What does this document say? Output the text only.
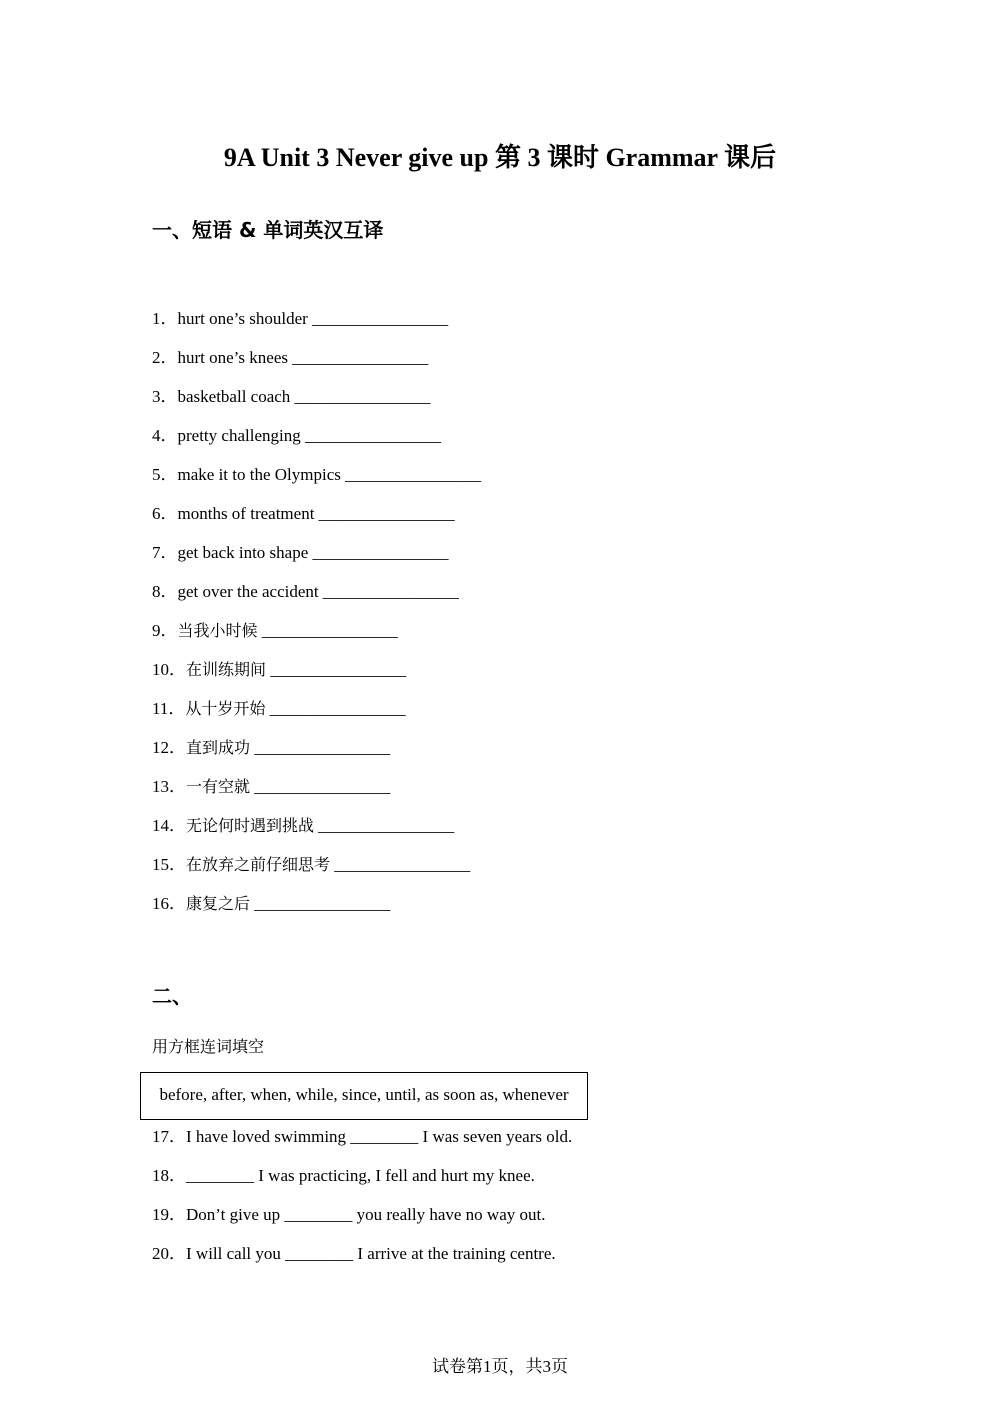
9A Unit 3 Never give up 第 3 课时 Grammar 课后
一、短语 & 单词英汉互译
1．hurt one’s shoulder ________________
2．hurt one’s knees ________________
3．basketball coach ________________
4．pretty challenging ________________
5．make it to the Olympics ________________
6．months of treatment ________________
7．get back into shape ________________
8．get over the accident ________________
9．当我小时候 ________________
10．在训练期间 ________________
11．从十岁开始 ________________
12．直到成功 ________________
13．一有空就 ________________
14．无论何时遇到挑战 ________________
15．在放弃之前仔细思考 ________________
16．康复之后 ________________
二、
用方框连词填空
before, after, when, while, since, until, as soon as, whenever
17．I have loved swimming ________ I was seven years old.
18．________ I was practicing, I fell and hurt my knee.
19．Don’t give up ________ you really have no way out.
20．I will call you ________ I arrive at the training centre.
试卷第1页，共3页
